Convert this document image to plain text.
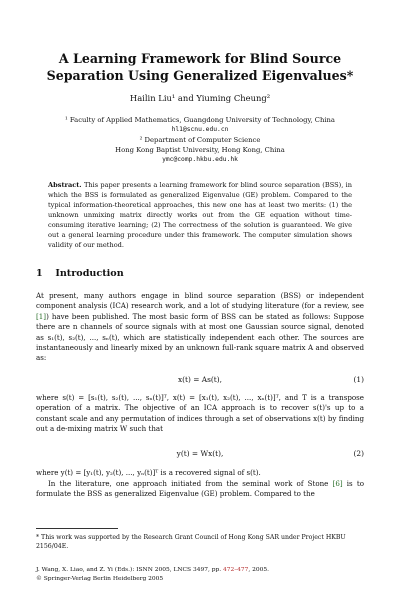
A Learning Framework for Blind Source
Separation Using Generalized Eigenvalues*
Hailin Liu¹ and Yiuming Cheung²
¹ Faculty of Applied Mathematics, Guangdong University of Technology, China
hl1@scnu.edu.cn
² Department of Computer Science
Hong Kong Baptist University, Hong Kong, China
ymc@comp.hkbu.edu.hk
Abstract. This paper presents a learning framework for blind source separation (BSS), in which the BSS is formulated as generalized Eigenvalue (GE) problem. Compared to the typical information-theoretical approaches, this new one has at least two merits: (1) the unknown unmixing matrix directly works out from the GE equation without time-consuming iterative learning; (2) The correctness of the solution is guaranteed. We give out a general learning procedure under this framework. The computer simulation shows validity of our method.
1 Introduction
At present, many authors engage in blind source separation (BSS) or independent component analysis (ICA) research work, and a lot of studying literature (for a review, see [1]) have been published. The most basic form of BSS can be stated as follows: Suppose there are n channels of source signals with at most one Gaussian source signal, denoted as s₁(t), s₂(t), ..., sₙ(t), which are statistically independent each other. The sources are instantaneously and linearly mixed by an unknown full-rank square matrix A and observed as:
x(t) = As(t),	(1)
where s(t) = [s₁(t), s₂(t), ..., sₙ(t)]ᵀ, x(t) = [x₁(t), x₂(t), ..., xₙ(t)]ᵀ, and T is a transpose operation of a matrix. The objective of an ICA approach is to recover s(t)'s up to a constant scale and any permutation of indices through a set of observations x(t) by finding out a de-mixing matrix W such that
y(t) = Wx(t),	(2)
where y(t) = [y₁(t), y₂(t), ..., yₙ(t)]ᵀ is a recovered signal of s(t).
In the literature, one approach initiated from the seminal work of Stone [6] is to formulate the BSS as generalized Eigenvalue (GE) problem. Compared to the
* This work was supported by the Research Grant Council of Hong Kong SAR under Project HKBU 2156/04E.
J. Wang, X. Liao, and Z. Yi (Eds.): ISNN 2005, LNCS 3497, pp. 472–477, 2005.
© Springer-Verlag Berlin Heidelberg 2005
